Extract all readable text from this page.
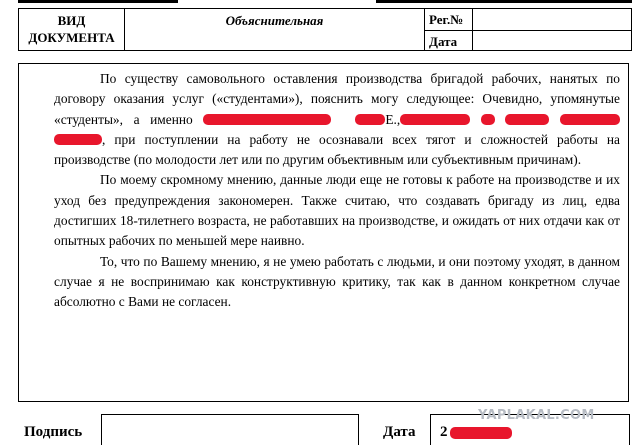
ВИД
ДОКУМЕНТА
Объяснительная	Рег.№
Дата

По существу самовольного оставления производства бригадой рабочих, нанятых по договору оказания услуг («студентами»), пояснить могу следующее: Очевидно, упомянутые «студенты», а именно	Е.,    , при поступлении на работу не осознавали всех тягот и сложностей работы на производстве (по молодости лет или по другим объективным или субъективным причинам).

По моему скромному мнению, данные люди еще не готовы к работе на производстве и их уход без предупреждения закономерен. Также считаю, что создавать бригаду из лиц, едва достигших 18-тилетнего возраста, не работавших на производстве, и ожидать от них отдачи как от опытных рабочих по меньшей мере наивно.

То, что по Вашему мнению, я не умею работать с людьми, и они поэтому уходят, в данном случае я не воспринимаю как конструктивную критику, так как в данном конкретном случае абсолютно с Вами не согласен.

Подпись	Дата 2
YAPLAKAL.COM
